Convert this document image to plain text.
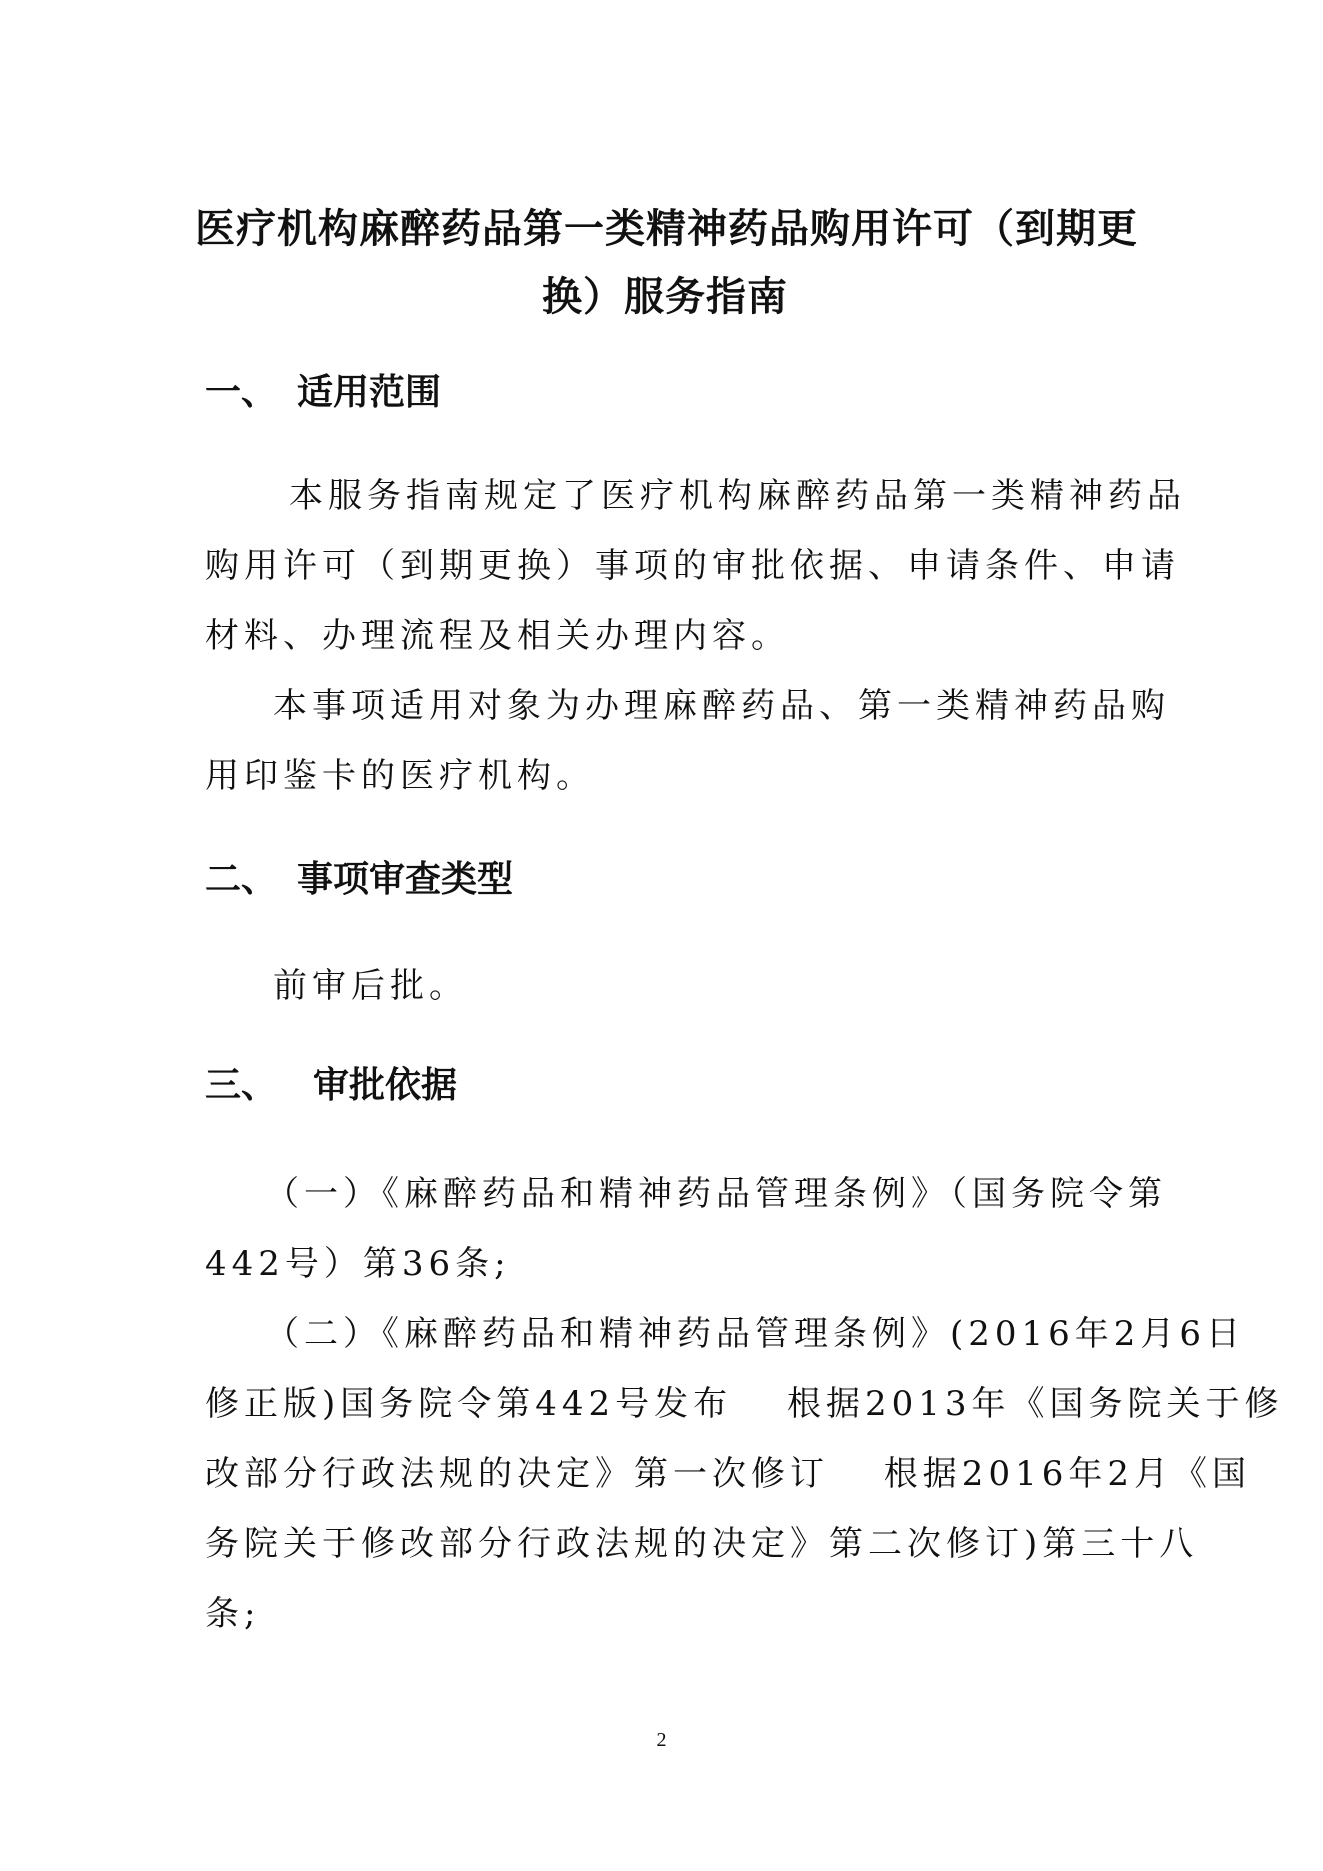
医疗机构麻醉药品第一类精神药品购用许可（到期更
换）服务指南
一、 适用范围
本服务指南规定了医疗机构麻醉药品第一类精神药品
购用许可（到期更换）事项的审批依据、申请条件、申请
材料、办理流程及相关办理内容。
本事项适用对象为办理麻醉药品、第一类精神药品购
用印鉴卡的医疗机构。
二、 事项审查类型
前审后批。
三、 审批依据
（一）《麻醉药品和精神药品管理条例》（国务院令第
442号）第36条;
（二）《麻醉药品和精神药品管理条例》(2016年2月6日
修正版)国务院令第442号发布　 根据2013年《国务院关于修
改部分行政法规的决定》第一次修订　 根据2016年2月《国
务院关于修改部分行政法规的决定》第二次修订)第三十八
条;
2
